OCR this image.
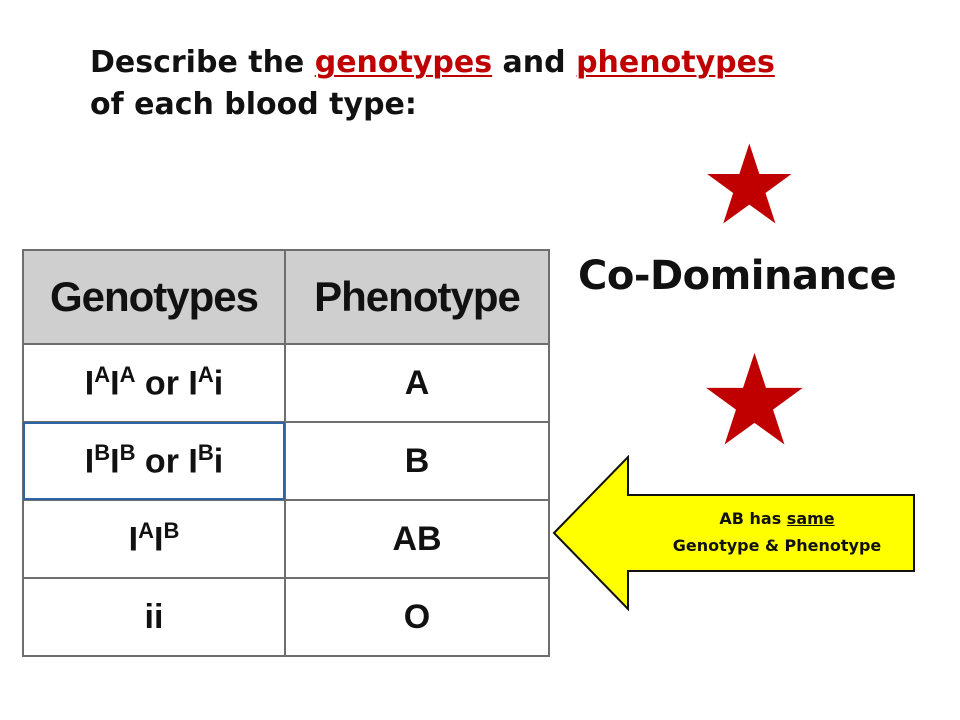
Describe the genotypes and phenotypes
of each blood type:
★
Co-Dominance
★
Genotypes	Phenotype
$I^AI^A$ or $I^Ai$	A
$I^BI^B$ or $I^Bi$	B
$I^AI^B$	AB
ii	O
AB has same
Genotype & Phenotype
